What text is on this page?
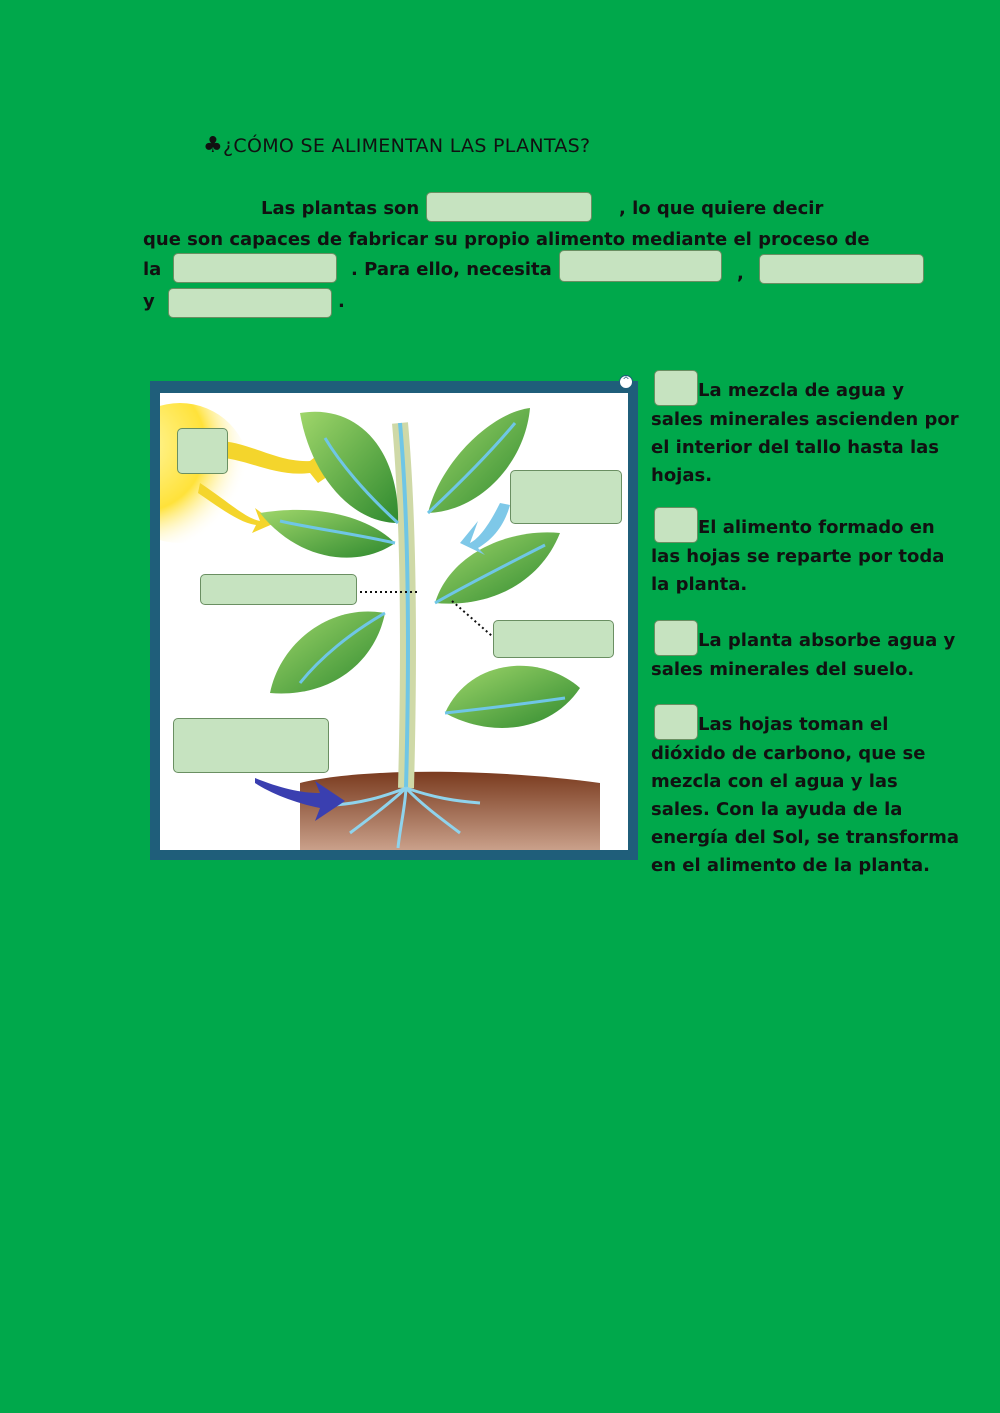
♣¿CÓMO SE ALIMENTAN LAS PLANTAS?
Las plantas son	, lo que quiere decir
que son capaces de fabricar su propio alimento mediante el proceso de
la	. Para ello, necesita	,
y	.
^	La mezcla de agua y sales minerales ascienden por el interior del tallo hasta las hojas.
El alimento formado en las hojas se reparte por toda la planta.
La planta absorbe agua y sales minerales del suelo.
Las hojas toman el dióxido de carbono, que se mezcla con el agua y las sales. Con la ayuda de la energía del Sol, se transforma en el alimento de la planta.
